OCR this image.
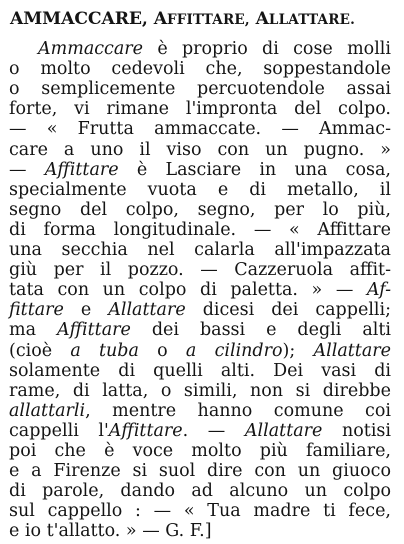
AMMACCARE, AFFITTARE, ALLATTARE.
Ammaccare è proprio di cose molli
o molto cedevoli che, soppestandole
o semplicemente percuotendole assai
forte, vi rimane l'impronta del colpo.
— « Frutta ammaccate. — Ammac-
care a uno il viso con un pugno. »
— Affittare è Lasciare in una cosa,
specialmente vuota e di metallo, il
segno del colpo, segno, per lo più,
di forma longitudinale. — « Affittare
una secchia nel calarla all'impazzata
giù per il pozzo. — Cazzeruola affit-
tata con un colpo di paletta. » — Af-
fittare e Allattare dicesi dei cappelli;
ma Affittare dei bassi e degli alti
(cioè a tuba o a cilindro); Allattare
solamente di quelli alti. Dei vasi di
rame, di latta, o simili, non si direbbe
allattarli, mentre hanno comune coi
cappelli l'Affittare. — Allattare notisi
poi che è voce molto più familiare,
e a Firenze si suol dire con un giuoco
di parole, dando ad alcuno un colpo
sul cappello : — « Tua madre ti fece,
e io t'allatto. » — G. F.]
